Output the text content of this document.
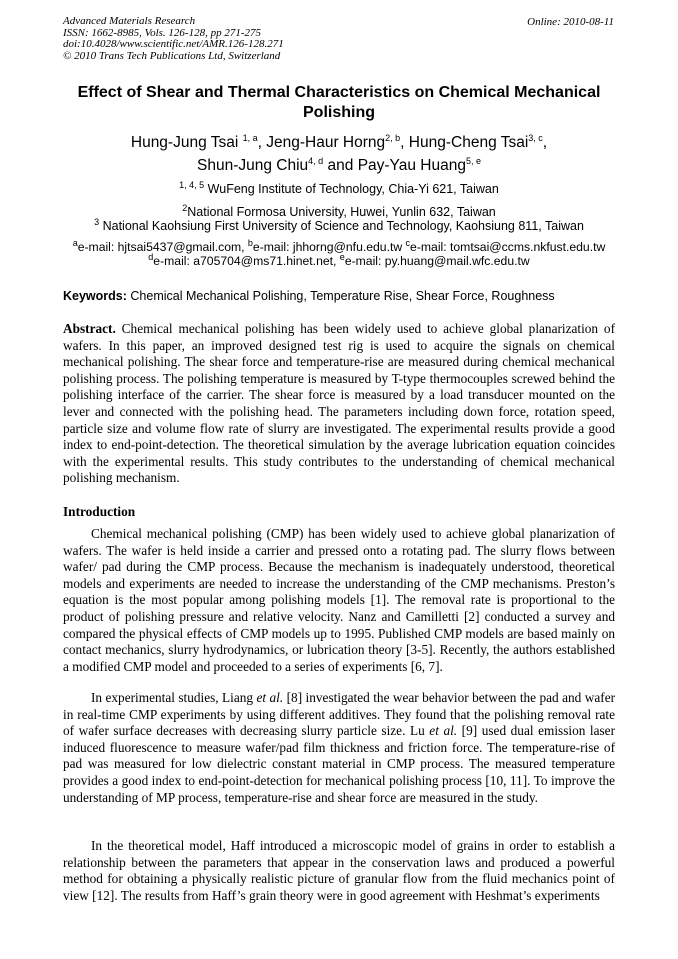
Advanced Materials Research
ISSN: 1662-8985, Vols. 126-128, pp 271-275
doi:10.4028/www.scientific.net/AMR.126-128.271
© 2010 Trans Tech Publications Ltd, Switzerland
Online: 2010-08-11
Effect of Shear and Thermal Characteristics on Chemical Mechanical Polishing
Hung-Jung Tsai $^{1, a}$, Jeng-Haur Horng$^{2, b}$, Hung-Cheng Tsai$^{3, c}$,
Shun-Jung Chiu$^{4, d}$ and Pay-Yau Huang$^{5, e}$
$^{1, 4, 5}$ WuFeng Institute of Technology, Chia-Yi 621, Taiwan
$^2$National Formosa University, Huwei, Yunlin 632, Taiwan
$^3$ National Kaohsiung First University of Science and Technology, Kaohsiung 811, Taiwan
$^a$e-mail: hjtsai5437@gmail.com, $^b$e-mail: jhhorng@nfu.edu.tw $^c$e-mail: tomtsai@ccms.nkfust.edu.tw
$^d$e-mail: a705704@ms71.hinet.net, $^e$e-mail: py.huang@mail.wfc.edu.tw
Keywords: Chemical Mechanical Polishing, Temperature Rise, Shear Force, Roughness
Abstract. Chemical mechanical polishing has been widely used to achieve global planarization of wafers. In this paper, an improved designed test rig is used to acquire the signals on chemical mechanical polishing. The shear force and temperature-rise are measured during chemical mechanical polishing process. The polishing temperature is measured by T-type thermocouples screwed behind the polishing interface of the carrier. The shear force is measured by a load transducer mounted on the lever and connected with the polishing head. The parameters including down force, rotation speed, particle size and volume flow rate of slurry are investigated. The experimental results provide a good index to end-point-detection. The theoretical simulation by the average lubrication equation coincides with the experimental results. This study contributes to the understanding of chemical mechanical polishing mechanism.
Introduction
Chemical mechanical polishing (CMP) has been widely used to achieve global planarization of wafers. The wafer is held inside a carrier and pressed onto a rotating pad. The slurry flows between wafer/ pad during the CMP process. Because the mechanism is inadequately understood, theoretical models and experiments are needed to increase the understanding of the CMP mechanisms. Preston’s equation is the most popular among polishing models [1]. The removal rate is proportional to the product of polishing pressure and relative velocity. Nanz and Camilletti [2] conducted a survey and compared the physical effects of CMP models up to 1995. Published CMP models are based mainly on contact mechanics, slurry hydrodynamics, or lubrication theory [3-5]. Recently, the authors established a modified CMP model and proceeded to a series of experiments [6, 7].
In experimental studies, Liang et al. [8] investigated the wear behavior between the pad and wafer in real-time CMP experiments by using different additives. They found that the polishing removal rate of wafer surface decreases with decreasing slurry particle size. Lu et al. [9] used dual emission laser induced fluorescence to measure wafer/pad film thickness and friction force. The temperature-rise of pad was measured for low dielectric constant material in CMP process. The measured temperature provides a good index to end-point-detection for mechanical polishing process [10, 11]. To improve the understanding of MP process, temperature-rise and shear force are measured in the study.
In the theoretical model, Haff introduced a microscopic model of grains in order to establish a relationship between the parameters that appear in the conservation laws and produced a powerful method for obtaining a physically realistic picture of granular flow from the fluid mechanics point of view [12]. The results from Haff’s grain theory were in good agreement with Heshmat’s experiments
